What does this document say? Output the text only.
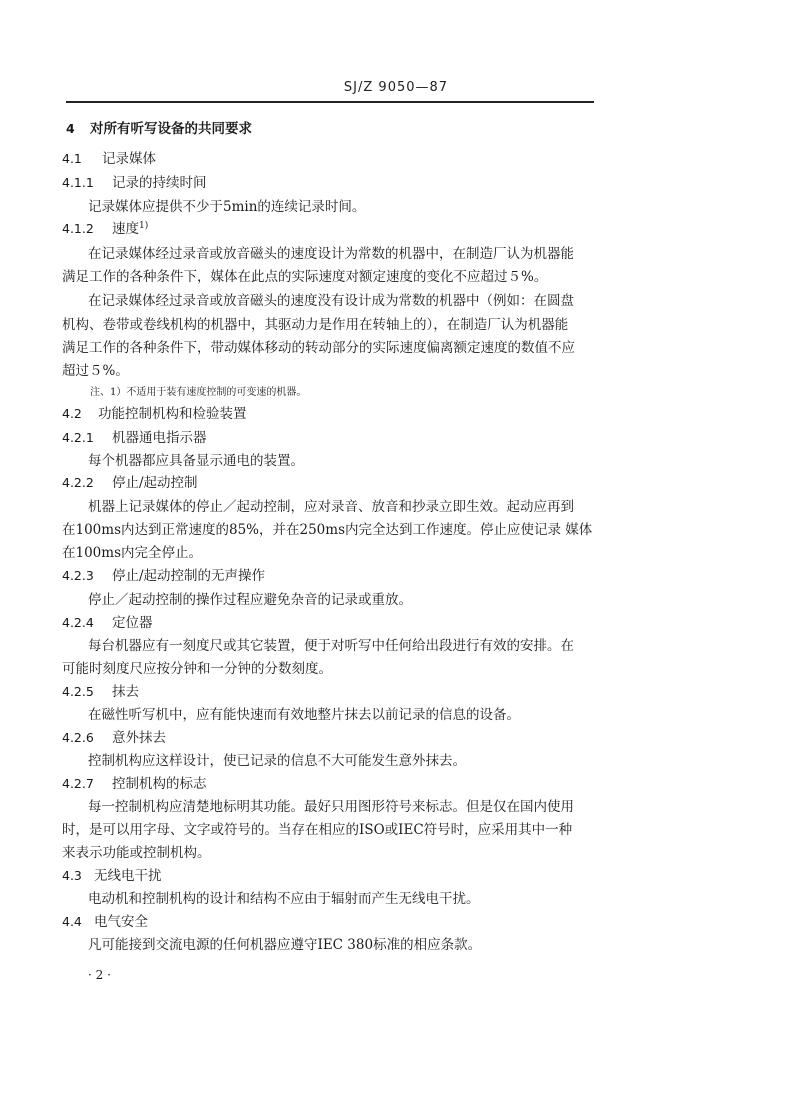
SJ/Z 9050—87
4 对所有听写设备的共同要求
4.1 记录媒体
4.1.1 记录的持续时间
记录媒体应提供不少于5min的连续记录时间。
4.1.2 速度$^{1)}$
在记录媒体经过录音或放音磁头的速度设计为常数的机器中，在制造厂认为机器能
满足工作的各种条件下，媒体在此点的实际速度对额定速度的变化不应超过５%。
在记录媒体经过录音或放音磁头的速度没有设计成为常数的机器中（例如：在圆盘
机构、卷带或卷线机构的机器中，其驱动力是作用在转轴上的），在制造厂认为机器能
满足工作的各种条件下，带动媒体移动的转动部分的实际速度偏离额定速度的数值不应
超过５%。
注、1）不适用于装有速度控制的可变速的机器。
4.2 功能控制机构和检验装置
4.2.1 机器通电指示器
每个机器都应具备显示通电的装置。
4.2.2 停止/起动控制
机器上记录媒体的停止／起动控制，应对录音、放音和抄录立即生效。起动应再到
在100ms内达到正常速度的85%，并在250ms内完全达到工作速度。停止应使记录 媒体
在100ms内完全停止。
4.2.3 停止/起动控制的无声操作
停止／起动控制的操作过程应避免杂音的记录或重放。
4.2.4 定位器
每台机器应有一刻度尺或其它装置，便于对听写中任何给出段进行有效的安排。在
可能时刻度尺应按分钟和一分钟的分数刻度。
4.2.5 抹去
在磁性听写机中，应有能快速而有效地整片抹去以前记录的信息的设备。
4.2.6 意外抹去
控制机构应这样设计，使已记录的信息不大可能发生意外抹去。
4.2.7 控制机构的标志
每一控制机构应清楚地标明其功能。最好只用图形符号来标志。但是仅在国内使用
时，是可以用字母、文字或符号的。当存在相应的ISO或IEC符号时，应采用其中一种
来表示功能或控制机构。
4.3 无线电干扰
电动机和控制机构的设计和结构不应由于辐射而产生无线电干扰。
4.4 电气安全
凡可能接到交流电源的任何机器应遵守IEC 380标准的相应条款。
· 2 ·
